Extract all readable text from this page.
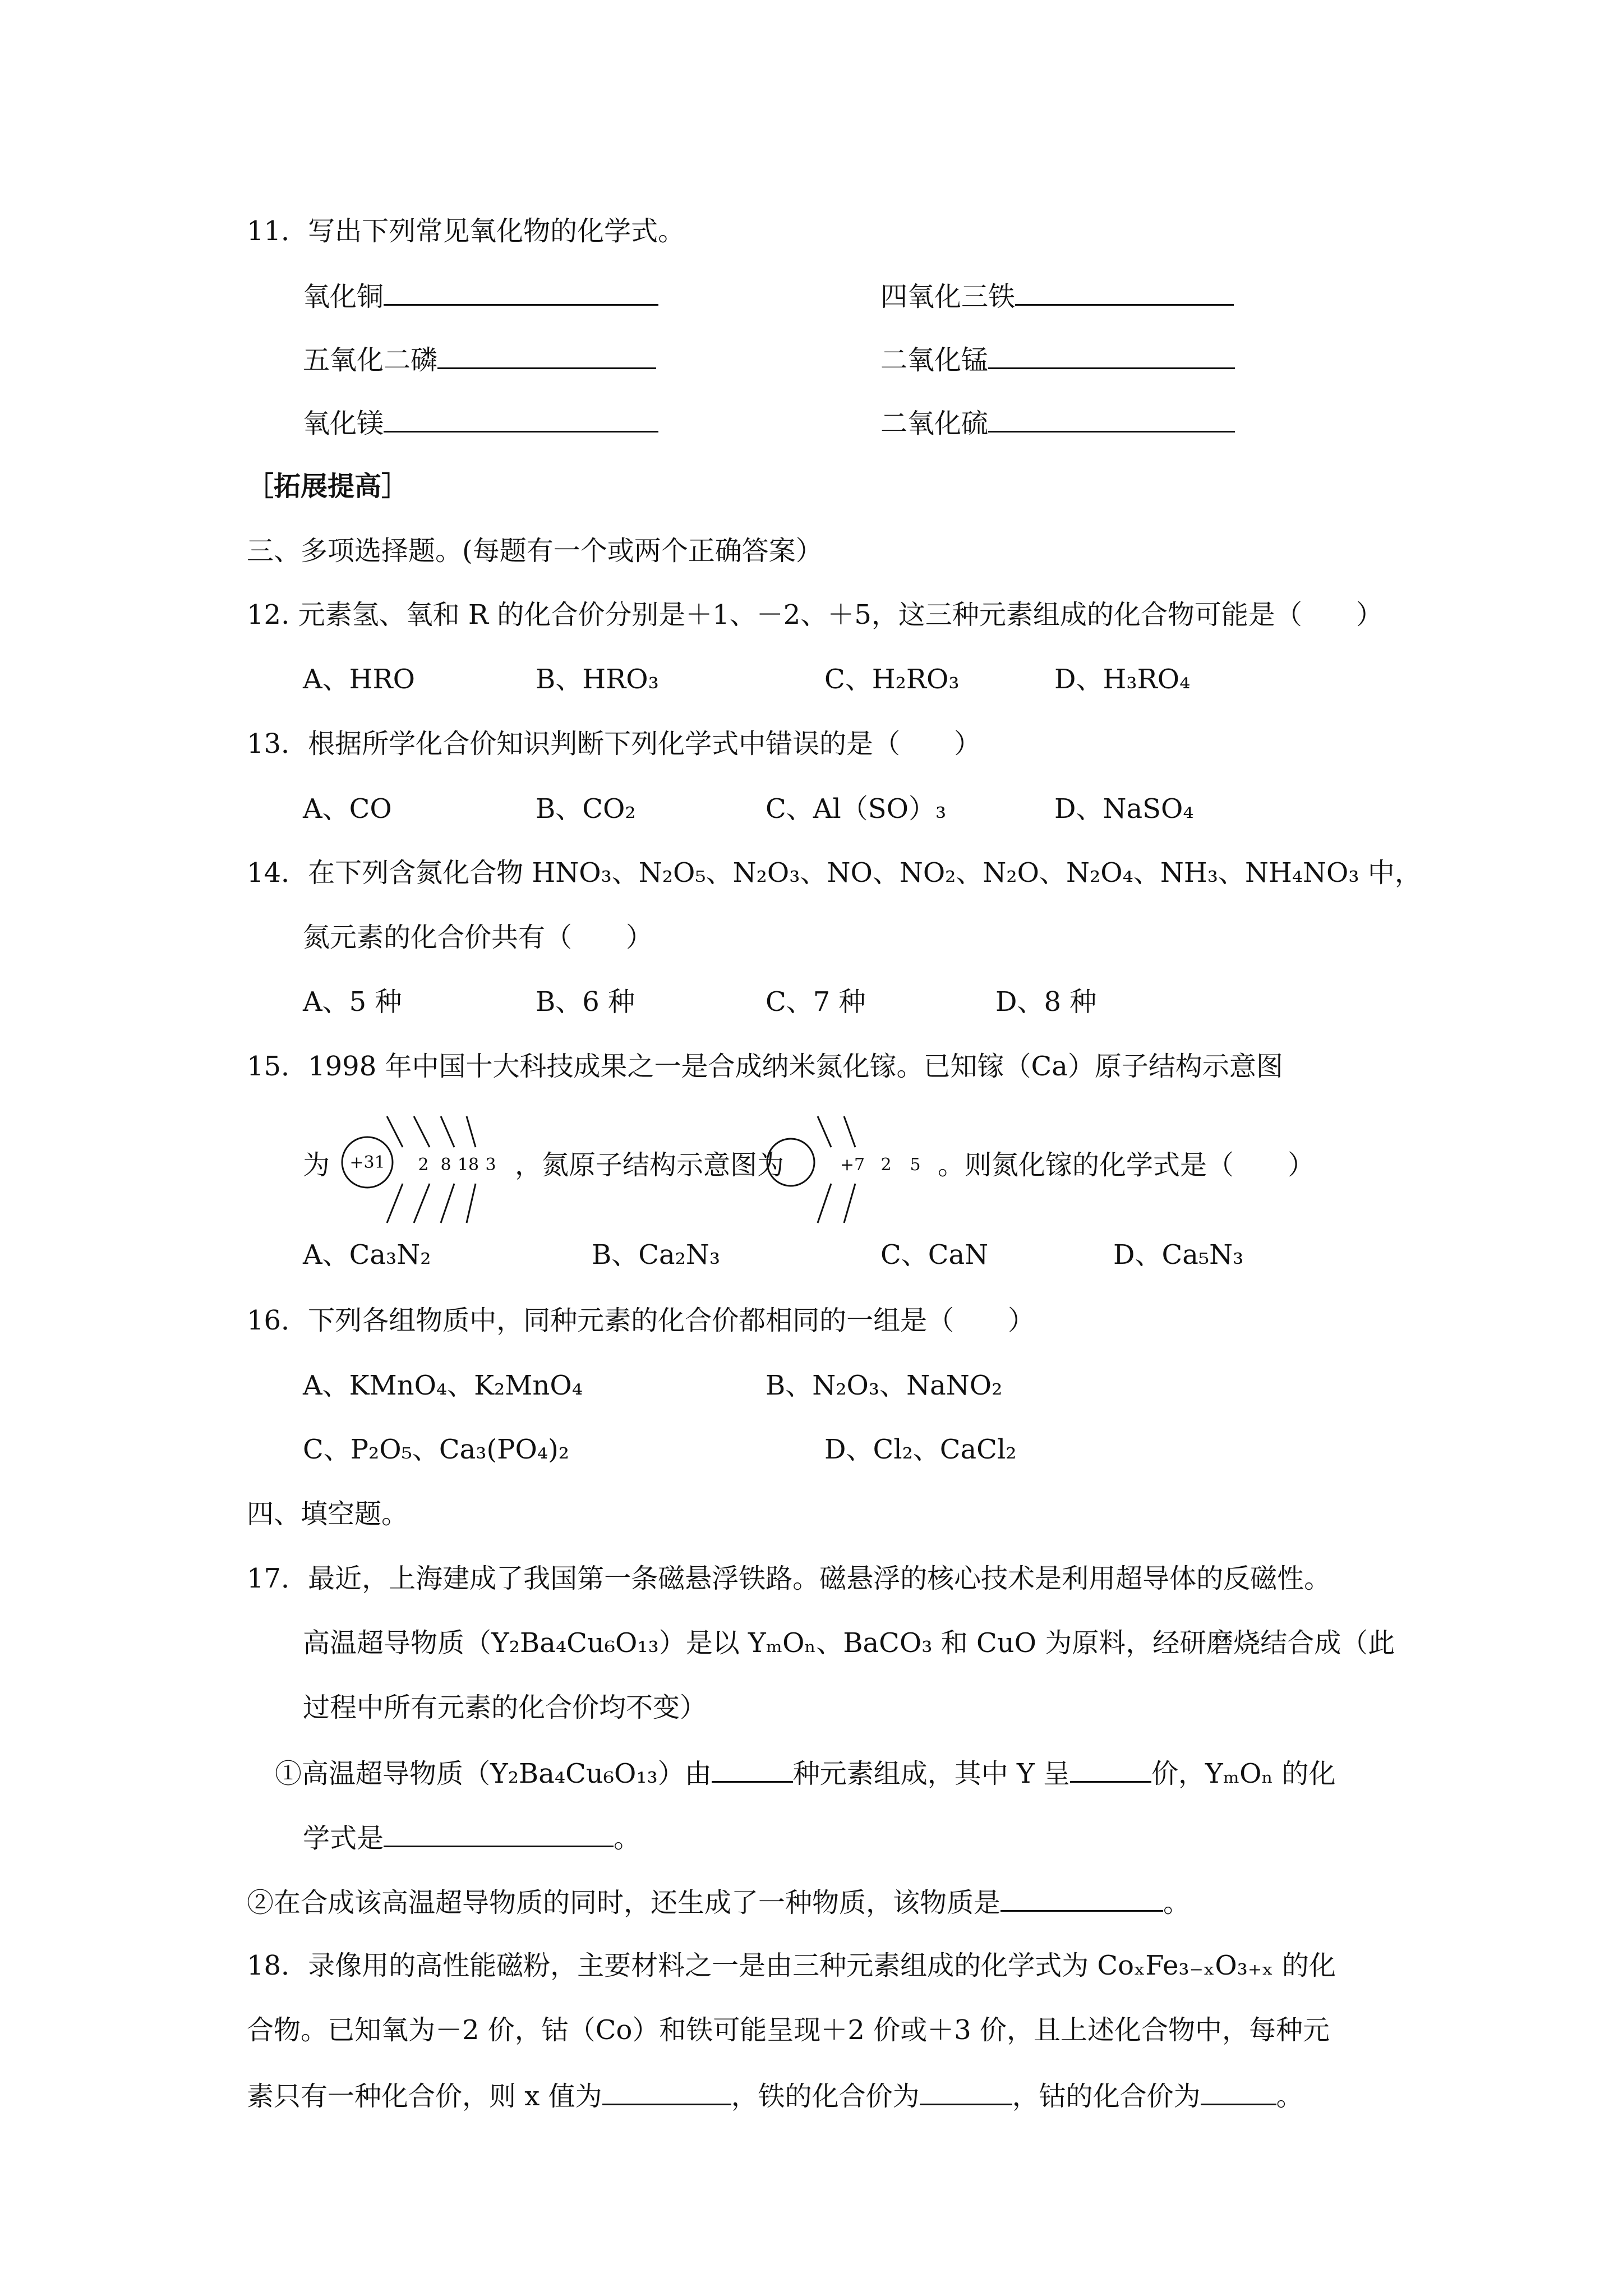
11．写出下列常见氧化物的化学式。
氧化铜	四氧化三铁
五氧化二磷	二氧化锰
氧化镁	二氧化硫
［拓展提高］
三、多项选择题。(每题有一个或两个正确答案）
12. 元素氢、氧和 R 的化合价分别是＋1、－2、＋5，这三种元素组成的化合物可能是（　　）
A、HRO	B、HRO₃	C、H₂RO₃	D、H₃RO₄
13．根据所学化合价知识判断下列化学式中错误的是（　　）
A、CO	B、CO₂	C、Al（SO）₃	D、NaSO₄
14．在下列含氮化合物 HNO₃、N₂O₅、N₂O₃、NO、NO₂、N₂O、N₂O₄、NH₃、NH₄NO₃ 中，
氮元素的化合价共有（　　）
A、5 种	B、6 种	C、7 种	D、8 种
15．1998 年中国十大科技成果之一是合成纳米氮化镓。已知镓（Ca）原子结构示意图
为 +31 2 8 18 3	+7 2 5
，氮原子结构示意图为	。则氮化镓的化学式是（　　）
A、Ca₃N₂	B、Ca₂N₃	C、CaN	D、Ca₅N₃
16．下列各组物质中，同种元素的化合价都相同的一组是（　　）
A、KMnO₄、K₂MnO₄	B、N₂O₃、NaNO₂
C、P₂O₅、Ca₃(PO₄)₂	D、Cl₂、CaCl₂
四、填空题。
17．最近，上海建成了我国第一条磁悬浮铁路。磁悬浮的核心技术是利用超导体的反磁性。
高温超导物质（Y₂Ba₄Cu₆O₁₃）是以 YₘOₙ、BaCO₃ 和 CuO 为原料，经研磨烧结合成（此
过程中所有元素的化合价均不变）
①高温超导物质（Y₂Ba₄Cu₆O₁₃）由	种元素组成，其中 Y 呈	价，YₘOₙ 的化
学式是	。
②在合成该高温超导物质的同时，还生成了一种物质，该物质是	。
18．录像用的高性能磁粉，主要材料之一是由三种元素组成的化学式为 CoₓFe₃₋ₓO₃₊ₓ 的化
合物。已知氧为－2 价，钴（Co）和铁可能呈现＋2 价或＋3 价，且上述化合物中，每种元
素只有一种化合价，则 x 值为	，铁的化合价为	，钴的化合价为	。
